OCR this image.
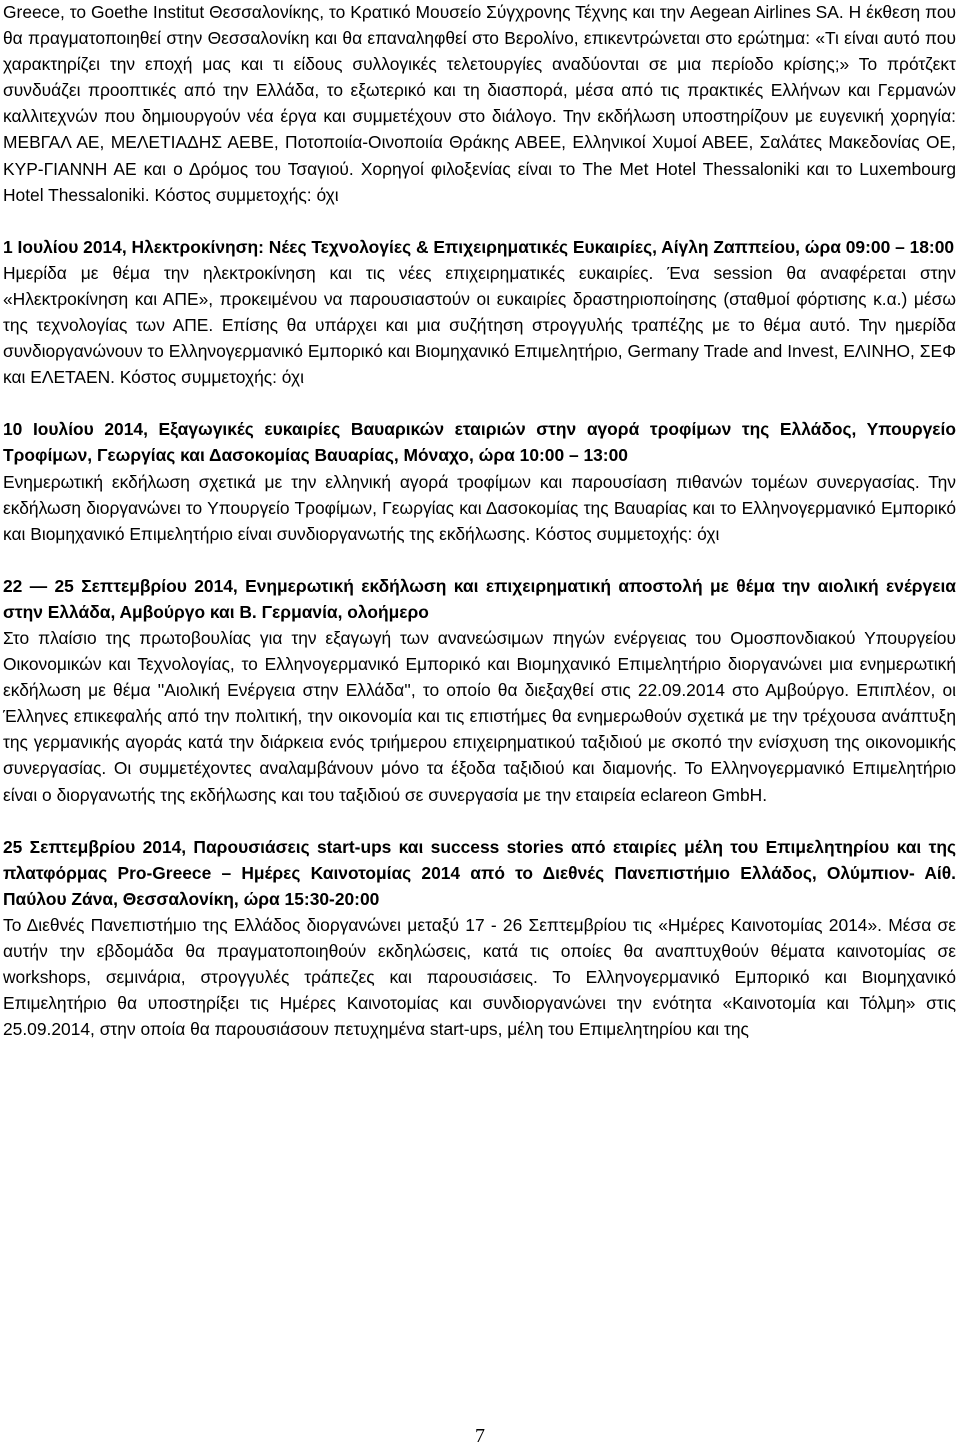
Greece, το Goethe Institut Θεσσαλονίκης, το Κρατικό Μουσείο Σύγχρονης Τέχνης και την Aegean Airlines SA. Η έκθεση που θα πραγματοποιηθεί στην Θεσσαλονίκη και θα επαναληφθεί στο Βερολίνο, επικεντρώνεται στο ερώτημα: «Τι είναι αυτό που χαρακτηρίζει την εποχή μας και τι είδους συλλογικές τελετουργίες αναδύονται σε μια περίοδο κρίσης;» Το πρότζεκτ συνδυάζει προοπτικές από την Ελλάδα, το εξωτερικό και τη διασπορά, μέσα από τις πρακτικές Ελλήνων και Γερμανών καλλιτεχνών που δημιουργούν νέα έργα και συμμετέχουν στο διάλογο. Την εκδήλωση υποστηρίζουν με ευγενική χορηγία: ΜΕΒΓΑΛ ΑΕ, ΜΕΛΕΤΙΑΔΗΣ ΑΕΒΕ, Ποτοποιία-Οινοποιία Θράκης ΑΒΕΕ, Ελληνικοί Χυμοί ΑΒΕΕ, Σαλάτες Μακεδονίας ΟΕ, ΚΥΡ-ΓΙΑΝΝΗ ΑΕ και ο Δρόμος του Τσαγιού. Χορηγοί φιλοξενίας είναι το The Met Hotel Thessaloniki και το Luxembourg Hotel Thessaloniki. Κόστος συμμετοχής: όχι

1 Ιουλίου 2014, Ηλεκτροκίνηση: Νέες Τεχνολογίες & Επιχειρηματικές Ευκαιρίες, Αίγλη Ζαππείου, ώρα 09:00 – 18:00

Ημερίδα με θέμα την ηλεκτροκίνηση και τις νέες επιχειρηματικές ευκαιρίες. Ένα session θα αναφέρεται στην «Ηλεκτροκίνηση και ΑΠΕ», προκειμένου να παρουσιαστούν οι ευκαιρίες δραστηριοποίησης (σταθμοί φόρτισης κ.α.) μέσω της τεχνολογίας των ΑΠΕ. Επίσης θα υπάρχει και μια συζήτηση στρογγυλής τραπέζης με το θέμα αυτό. Την ημερίδα συνδιοργανώνουν το Ελληνογερμανικό Εμπορικό και Βιομηχανικό Επιμελητήριο, Germany Trade and Invest, ΕΛΙΝΗΟ, ΣΕΦ και ΕΛΕΤΑΕΝ. Κόστος συμμετοχής: όχι

10 Ιουλίου 2014, Εξαγωγικές ευκαιρίες Βαυαρικών εταιριών στην αγορά τροφίμων της Ελλάδος, Υπουργείο Τροφίμων, Γεωργίας και Δασοκομίας Βαυαρίας, Μόναχο, ώρα 10:00 – 13:00

Ενημερωτική εκδήλωση σχετικά με την ελληνική αγορά τροφίμων και παρουσίαση πιθανών τομέων συνεργασίας. Την εκδήλωση διοργανώνει το Υπουργείο Τροφίμων, Γεωργίας και Δασοκομίας της Βαυαρίας και το Ελληνογερμανικό Εμπορικό και Βιομηχανικό Επιμελητήριο είναι συνδιοργανωτής της εκδήλωσης. Κόστος συμμετοχής: όχι

22 — 25 Σεπτεμβρίου 2014, Ενημερωτική εκδήλωση και επιχειρηματική αποστολή με θέμα την αιολική ενέργεια στην Ελλάδα, Αμβούργο και Β. Γερμανία, ολοήμερο

Στο πλαίσιο της πρωτοβουλίας για την εξαγωγή των ανανεώσιμων πηγών ενέργειας του Ομοσπονδιακού Υπουργείου Οικονομικών και Τεχνολογίας, το Ελληνογερμανικό Εμπορικό και Βιομηχανικό Επιμελητήριο διοργανώνει μια ενημερωτική εκδήλωση με θέμα ''Αιολική Ενέργεια στην Ελλάδα'', το οποίο θα διεξαχθεί στις 22.09.2014 στο Αμβούργο. Επιπλέον, οι Έλληνες επικεφαλής από την πολιτική, την οικονομία και τις επιστήμες θα ενημερωθούν σχετικά με την τρέχουσα ανάπτυξη της γερμανικής αγοράς κατά την διάρκεια ενός τριήμερου επιχειρηματικού ταξιδιού με σκοπό την ενίσχυση της οικονομικής συνεργασίας. Οι συμμετέχοντες αναλαμβάνουν μόνο τα έξοδα ταξιδιού και διαμονής. Το Ελληνογερμανικό Επιμελητήριο είναι ο διοργανωτής της εκδήλωσης και του ταξιδιού σε συνεργασία με την εταιρεία eclareon GmbH.

25 Σεπτεμβρίου 2014, Παρουσιάσεις start-ups και success stories από εταιρίες μέλη του Επιμελητηρίου και της πλατφόρμας Pro-Greece – Ημέρες Καινοτομίας 2014 από το Διεθνές Πανεπιστήμιο Ελλάδος, Ολύμπιον- Αίθ. Παύλου Ζάνα, Θεσσαλονίκη, ώρα 15:30-20:00

Το Διεθνές Πανεπιστήμιο της Ελλάδος διοργανώνει μεταξύ 17 - 26 Σεπτεμβρίου τις «Ημέρες Καινοτομίας 2014». Μέσα σε αυτήν την εβδομάδα θα πραγματοποιηθούν εκδηλώσεις, κατά τις οποίες θα αναπτυχθούν θέματα καινοτομίας σε workshops, σεμινάρια, στρογγυλές τράπεζες και παρουσιάσεις. Το Ελληνογερμανικό Εμπορικό και Βιομηχανικό Επιμελητήριο θα υποστηρίξει τις Ημέρες Καινοτομίας και συνδιοργανώνει την ενότητα «Καινοτομία και Τόλμη» στις 25.09.2014, στην οποία θα παρουσιάσουν πετυχημένα start-ups, μέλη του Επιμελητηρίου και της

7
